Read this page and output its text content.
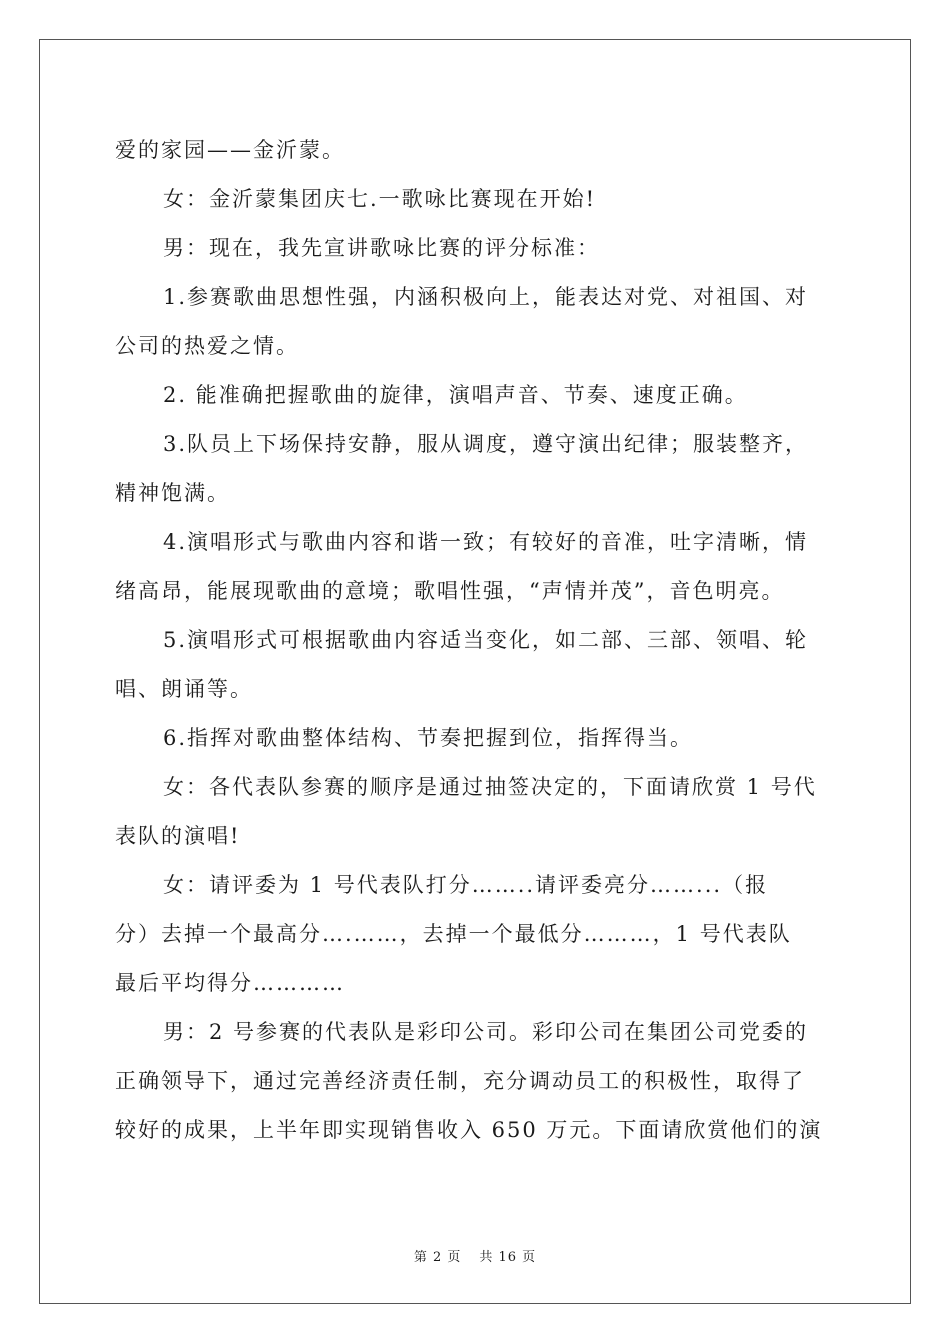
爱的家园——金沂蒙。
女：金沂蒙集团庆七.一歌咏比赛现在开始!
男：现在，我先宣讲歌咏比赛的评分标准：
1.参赛歌曲思想性强，内涵积极向上，能表达对党、对祖国、对
公司的热爱之情。
2. 能准确把握歌曲的旋律，演唱声音、节奏、速度正确。
3.队员上下场保持安静，服从调度，遵守演出纪律；服装整齐，
精神饱满。
4.演唱形式与歌曲内容和谐一致；有较好的音准，吐字清晰，情
绪高昂，能展现歌曲的意境；歌唱性强，“声情并茂”，音色明亮。
5.演唱形式可根据歌曲内容适当变化，如二部、三部、领唱、轮
唱、朗诵等。
6.指挥对歌曲整体结构、节奏把握到位，指挥得当。
女：各代表队参赛的顺序是通过抽签决定的，下面请欣赏 1 号代
表队的演唱!
女：请评委为 1 号代表队打分……..请评委亮分……...（报
分）去掉一个最高分….……，去掉一个最低分………，1 号代表队
最后平均得分…………
男：2 号参赛的代表队是彩印公司。彩印公司在集团公司党委的
正确领导下，通过完善经济责任制，充分调动员工的积极性，取得了
较好的成果，上半年即实现销售收入 650 万元。下面请欣赏他们的演
第 2 页 共 16 页
